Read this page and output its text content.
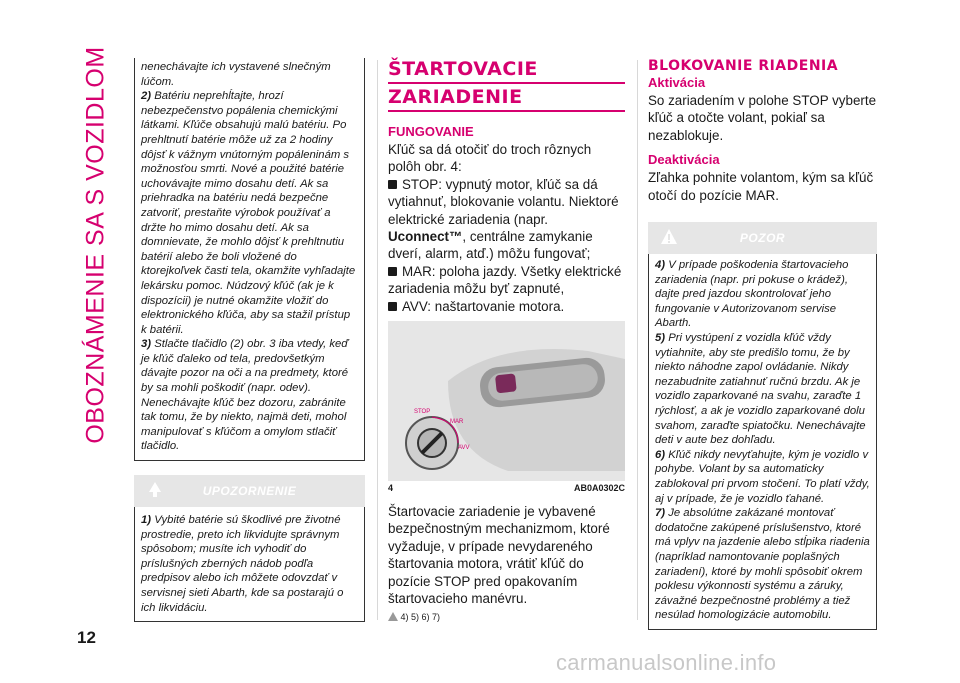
OBOZNÁMENIE SA S VOZIDLOM	nenechávajte ich vystavené slnečným lúčom.

2) Batériu neprehĺtajte, hrozí nebezpečenstvo popálenia chemickými látkami. Kľúče obsahujú malú batériu. Po prehltnutí batérie môže už za 2 hodiny dôjsť k vážnym vnútorným popáleninám s možnosťou smrti. Nové a použité batérie uchovávajte mimo dosahu detí. Ak sa priehradka na batériu nedá bezpečne zatvoriť, prestaňte výrobok používať a držte ho mimo dosahu detí. Ak sa domnievate, že mohlo dôjsť k prehltnutiu batérií alebo že boli vložené do ktorejkoľvek časti tela, okamžite vyhľadajte lekársku pomoc. Núdzový kľúč (ak je k dispozícii) je nutné okamžite vložiť do elektronického kľúča, aby sa stažil prístup k batérii.

3) Stlačte tlačidlo (2) obr. 3 iba vtedy, keď je kľúč ďaleko od tela, predovšetkým dávajte pozor na oči a na predmety, ktoré by sa mohli poškodiť (napr. odev). Nenechávajte kľúč bez dozoru, zabránite tak tomu, že by niekto, najmä deti, mohol manipulovať s kľúčom a omylom stlačiť tlačidlo.

UPOZORNENIE

1) Vybité batérie sú škodlivé pre životné prostredie, preto ich likvidujte správnym spôsobom; musíte ich vyhodiť do príslušných zberných nádob podľa predpisov alebo ich môžete odovzdať v servisnej sieti Abarth, kde sa postarajú o ich likvidáciu.

ŠTARTOVACIE
ZARIADENIE
FUNGOVANIE

Kľúč sa dá otočiť do troch rôznych polôh obr. 4:

STOP: vypnutý motor, kľúč sa dá vytiahnuť, blokovanie volantu. Niektoré elektrické zariadenia (napr. Uconnect™, centrálne zamykanie dverí, alarm, atď.) môžu fungovať;

MAR: poloha jazdy. Všetky elektrické zariadenia môžu byť zapnuté,

AVV: naštartovanie motora.

STOP
MAR
AVV
4	AB0A0302C

Štartovacie zariadenie je vybavené bezpečnostným mechanizmom, ktoré vyžaduje, v prípade nevydareného štartovania motora, vrátiť kľúč do pozície STOP pred opakovaním štartovacieho manévru.

4) 5) 6) 7)
BLOKOVANIE RIADENIA
Aktivácia

So zariadením v polohe STOP vyberte kľúč a otočte volant, pokiaľ sa nezablokuje.

Deaktivácia

Zľahka pohnite volantom, kým sa kľúč otočí do pozície MAR.

POZOR

4) V prípade poškodenia štartovacieho zariadenia (napr. pri pokuse o krádež), dajte pred jazdou skontrolovať jeho fungovanie v Autorizovanom servise Abarth.

5) Pri vystúpení z vozidla kľúč vždy vytiahnite, aby ste predišlo tomu, že by niekto náhodne zapol ovládanie. Nikdy nezabudnite zatiahnuť ručnú brzdu. Ak je vozidlo zaparkované na svahu, zaraďte 1 rýchlosť, a ak je vozidlo zaparkované dolu svahom, zaraďte spiatočku. Nenechávajte deti v aute bez dohľadu.

6) Kľúč nikdy nevyťahujte, kým je vozidlo v pohybe. Volant by sa automaticky zablokoval pri prvom stočení. To platí vždy, aj v prípade, že je vozidlo ťahané.

7) Je absolútne zakázané montovať dodatočne zakúpené príslušenstvo, ktoré má vplyv na jazdenie alebo stĺpika riadenia (napríklad namontovanie poplašných zariadení), ktoré by mohli spôsobiť okrem poklesu výkonnosti systému a záruky, závažné bezpečnostné problémy a tiež nesúlad homologizácie automobilu.

12
carmanualsonline.info
